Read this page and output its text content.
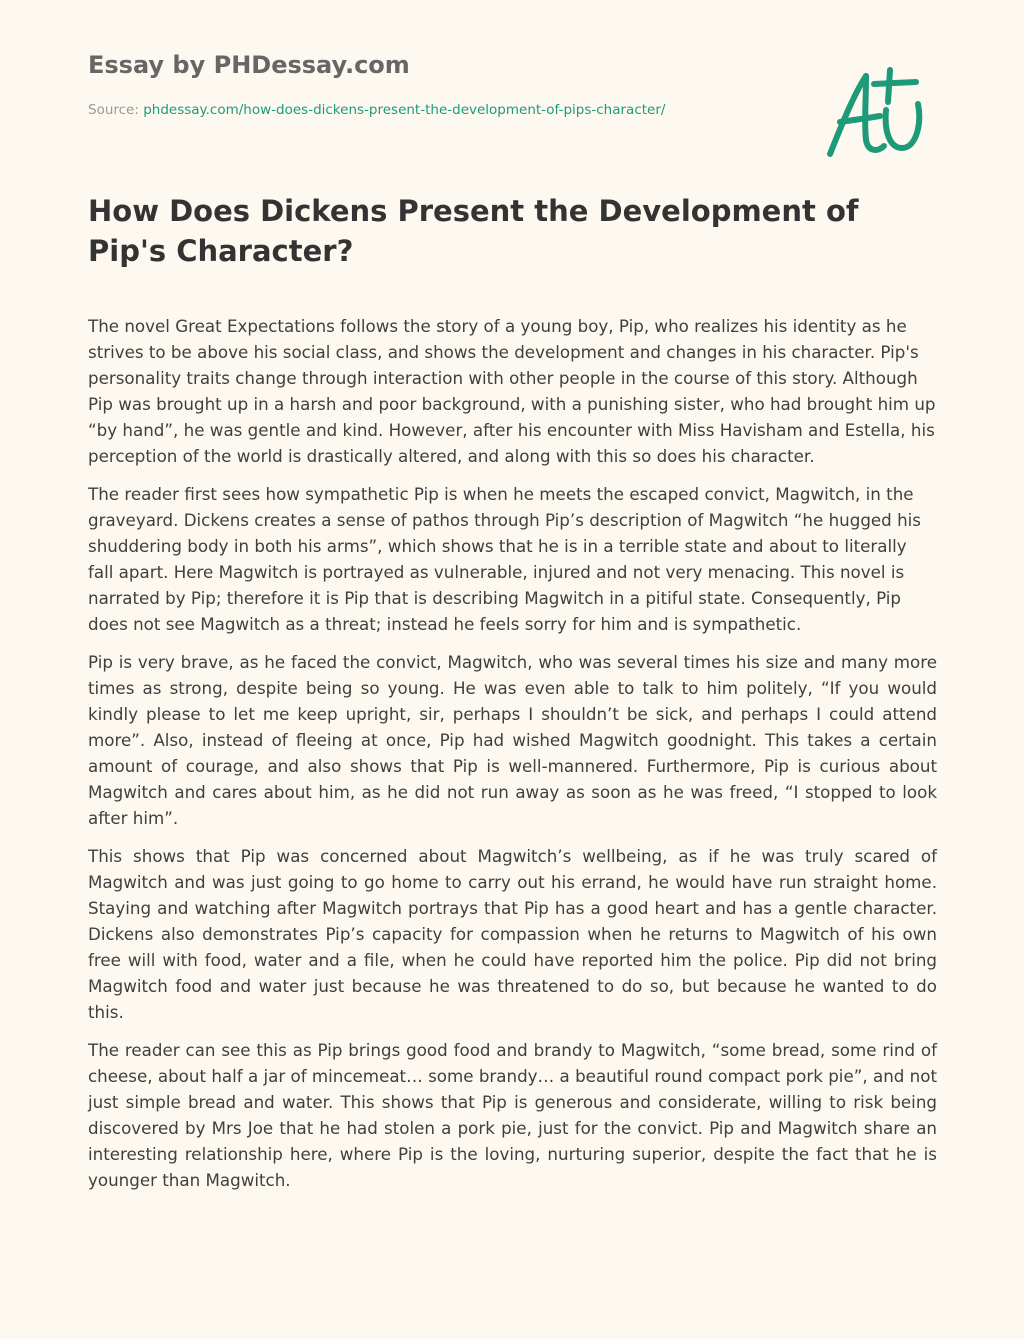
Essay by PHDessay.com
Source: phdessay.com/how-does-dickens-present-the-development-of-pips-character/
How Does Dickens Present the Development of Pip's Character?

The novel Great Expectations follows the story of a young boy, Pip, who realizes his identity as he strives to be above his social class, and shows the development and changes in his character. Pip's personality traits change through interaction with other people in the course of this story. Although Pip was brought up in a harsh and poor background, with a punishing sister, who had brought him up “by hand”, he was gentle and kind. However, after his encounter with Miss Havisham and Estella, his perception of the world is drastically altered, and along with this so does his character.

The reader first sees how sympathetic Pip is when he meets the escaped convict, Magwitch, in the graveyard. Dickens creates a sense of pathos through Pip’s description of Magwitch “he hugged his shuddering body in both his arms”, which shows that he is in a terrible state and about to literally fall apart. Here Magwitch is portrayed as vulnerable, injured and not very menacing. This novel is narrated by Pip; therefore it is Pip that is describing Magwitch in a pitiful state. Consequently, Pip does not see Magwitch as a threat; instead he feels sorry for him and is sympathetic.

Pip is very brave, as he faced the convict, Magwitch, who was several times his size and many more times as strong, despite being so young. He was even able to talk to him politely, “If you would kindly please to let me keep upright, sir, perhaps I shouldn’t be sick, and perhaps I could attend more”. Also, instead of fleeing at once, Pip had wished Magwitch goodnight. This takes a certain amount of courage, and also shows that Pip is well-mannered. Furthermore, Pip is curious about Magwitch and cares about him, as he did not run away as soon as he was freed, “I stopped to look after him”.

This shows that Pip was concerned about Magwitch’s wellbeing, as if he was truly scared of Magwitch and was just going to go home to carry out his errand, he would have run straight home. Staying and watching after Magwitch portrays that Pip has a good heart and has a gentle character. Dickens also demonstrates Pip’s capacity for compassion when he returns to Magwitch of his own free will with food, water and a file, when he could have reported him the police. Pip did not bring Magwitch food and water just because he was threatened to do so, but because he wanted to do this.

The reader can see this as Pip brings good food and brandy to Magwitch, “some bread, some rind of cheese, about half a jar of mincemeat… some brandy… a beautiful round compact pork pie”, and not just simple bread and water. This shows that Pip is generous and considerate, willing to risk being discovered by Mrs Joe that he had stolen a pork pie, just for the convict. Pip and Magwitch share an interesting relationship here, where Pip is the loving, nurturing superior, despite the fact that he is younger than Magwitch.
